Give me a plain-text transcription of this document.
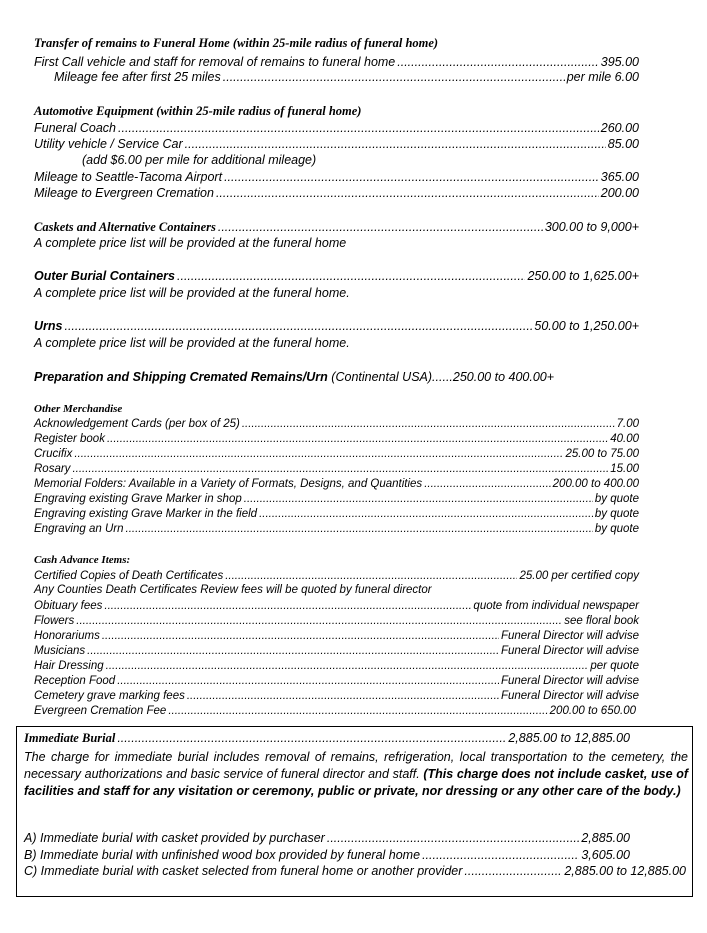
Transfer of remains to Funeral Home (within 25-mile radius of funeral home)
First Call vehicle and staff for removal of remains to funeral home .....	395.00
Mileage fee after first 25 miles .....	per mile 6.00
Automotive Equipment (within 25-mile radius of funeral home)
Funeral Coach .....	260.00
Utility vehicle / Service Car .....	85.00
(add $6.00 per mile for additional mileage)
Mileage to Seattle-Tacoma Airport .....	365.00
Mileage to Evergreen Cremation .....	200.00
Caskets and Alternative Containers .....	300.00 to 9,000+
A complete price list will be provided at the funeral home
Outer Burial Containers .....	250.00 to 1,625.00+
A complete price list will be provided at the funeral home.
Urns .....	50.00 to 1,250.00+
A complete price list will be provided at the funeral home.
Preparation and Shipping Cremated Remains/Urn (Continental USA)......250.00 to 400.00+
Other Merchandise
Acknowledgement Cards (per box of 25) .....	7.00
Register book .....	40.00
Crucifix .....	25.00 to 75.00
Rosary .....	15.00
Memorial Folders: Available in a Variety of Formats, Designs, and Quantities .....	200.00 to 400.00
Engraving existing Grave Marker in shop .....	by quote
Engraving existing Grave Marker in the field .....	by quote
Engraving an Urn .....	by quote
Cash Advance Items:
Certified Copies of Death Certificates .....	25.00 per certified copy
Any Counties Death Certificates Review fees will be quoted by funeral director
Obituary fees .....	quote from individual newspaper
Flowers .....	see floral book
Honorariums .....	Funeral Director will advise
Musicians .....	Funeral Director will advise
Hair Dressing .....	per quote
Reception Food .....	Funeral Director will advise
Cemetery grave marking fees .....	Funeral Director will advise
Evergreen Cremation Fee .....	200.00 to 650.00
Immediate Burial .....	2,885.00 to 12,885.00
The charge for immediate burial includes removal of remains, refrigeration, local transportation to the cemetery, the necessary authorizations and basic service of funeral director and staff. (This charge does not include casket, use of facilities and staff for any visitation or ceremony, public or private, nor dressing or any other care of the body.)
A) Immediate burial with casket provided by purchaser .....	2,885.00
B) Immediate burial with unfinished wood box provided by funeral home .....	3,605.00
C) Immediate burial with casket selected from funeral home or another provider .....	2,885.00 to 12,885.00
